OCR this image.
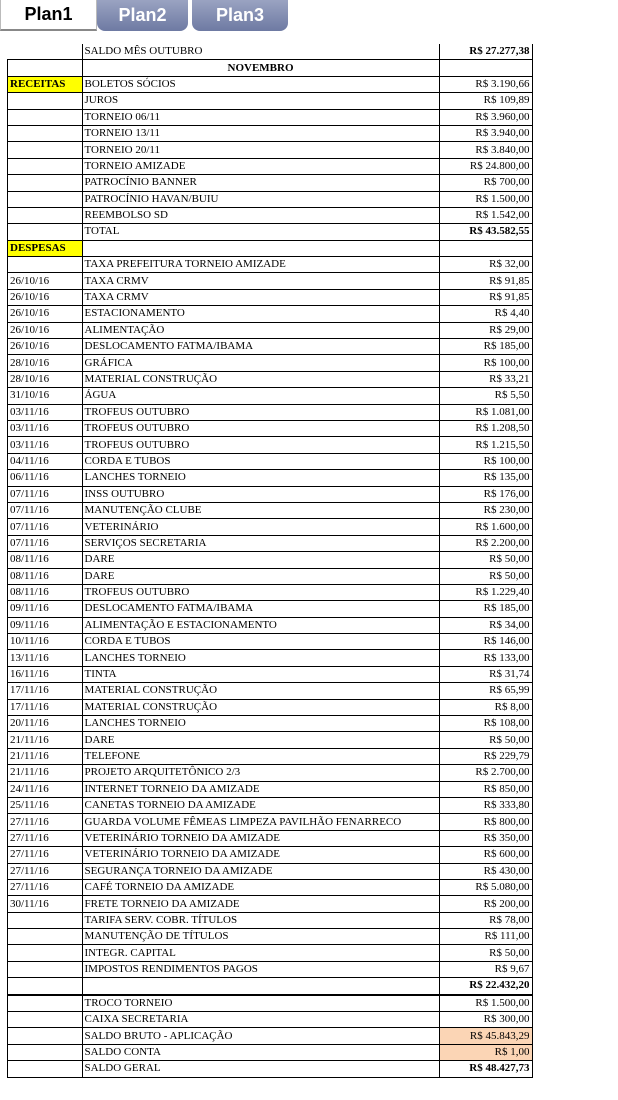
Plan1	Plan2	Plan3
	SALDO MÊS OUTUBRO	R$ 27.277,38
	NOVEMBRO	
RECEITAS	BOLETOS SÓCIOS	R$ 3.190,66
	JUROS	R$ 109,89
	TORNEIO 06/11	R$ 3.960,00
	TORNEIO 13/11	R$ 3.940,00
	TORNEIO 20/11	R$ 3.840,00
	TORNEIO AMIZADE	R$ 24.800,00
	PATROCÍNIO BANNER	R$ 700,00
	PATROCÍNIO HAVAN/BUIU	R$ 1.500,00
	REEMBOLSO SD	R$ 1.542,00
	TOTAL	R$ 43.582,55
DESPESAS		
	TAXA PREFEITURA TORNEIO AMIZADE	R$ 32,00
26/10/16	TAXA CRMV	R$ 91,85
26/10/16	TAXA CRMV	R$ 91,85
26/10/16	ESTACIONAMENTO	R$ 4,40
26/10/16	ALIMENTAÇÃO	R$ 29,00
26/10/16	DESLOCAMENTO FATMA/IBAMA	R$ 185,00
28/10/16	GRÁFICA	R$ 100,00
28/10/16	MATERIAL CONSTRUÇÃO	R$ 33,21
31/10/16	ÁGUA	R$ 5,50
03/11/16	TROFEUS OUTUBRO	R$ 1.081,00
03/11/16	TROFEUS OUTUBRO	R$ 1.208,50
03/11/16	TROFEUS OUTUBRO	R$ 1.215,50
04/11/16	CORDA E TUBOS	R$ 100,00
06/11/16	LANCHES TORNEIO	R$ 135,00
07/11/16	INSS OUTUBRO	R$ 176,00
07/11/16	MANUTENÇÃO CLUBE	R$ 230,00
07/11/16	VETERINÁRIO	R$ 1.600,00
07/11/16	SERVIÇOS SECRETARIA	R$ 2.200,00
08/11/16	DARE	R$ 50,00
08/11/16	DARE	R$ 50,00
08/11/16	TROFEUS OUTUBRO	R$ 1.229,40
09/11/16	DESLOCAMENTO FATMA/IBAMA	R$ 185,00
09/11/16	ALIMENTAÇÃO E ESTACIONAMENTO	R$ 34,00
10/11/16	CORDA E TUBOS	R$ 146,00
13/11/16	LANCHES TORNEIO	R$ 133,00
16/11/16	TINTA	R$ 31,74
17/11/16	MATERIAL CONSTRUÇÃO	R$ 65,99
17/11/16	MATERIAL CONSTRUÇÃO	R$ 8,00
20/11/16	LANCHES TORNEIO	R$ 108,00
21/11/16	DARE	R$ 50,00
21/11/16	TELEFONE	R$ 229,79
21/11/16	PROJETO ARQUITETÔNICO 2/3	R$ 2.700,00
24/11/16	INTERNET TORNEIO DA AMIZADE	R$ 850,00
25/11/16	CANETAS TORNEIO DA AMIZADE	R$ 333,80
27/11/16	GUARDA VOLUME FÊMEAS LIMPEZA PAVILHÃO FENARRECO	R$ 800,00
27/11/16	VETERINÁRIO TORNEIO DA AMIZADE	R$ 350,00
27/11/16	VETERINÁRIO TORNEIO DA AMIZADE	R$ 600,00
27/11/16	SEGURANÇA TORNEIO DA AMIZADE	R$ 430,00
27/11/16	CAFÉ TORNEIO DA AMIZADE	R$ 5.080,00
30/11/16	FRETE TORNEIO DA AMIZADE	R$ 200,00
	TARIFA SERV. COBR. TÍTULOS	R$ 78,00
	MANUTENÇÃO DE TÍTULOS	R$ 111,00
	INTEGR. CAPITAL	R$ 50,00
	IMPOSTOS RENDIMENTOS PAGOS	R$ 9,67
		R$ 22.432,20
	TROCO TORNEIO	R$ 1.500,00
	CAIXA SECRETARIA	R$ 300,00
	SALDO BRUTO - APLICAÇÃO	R$ 45.843,29
	SALDO CONTA	R$ 1,00
	SALDO GERAL	R$ 48.427,73
